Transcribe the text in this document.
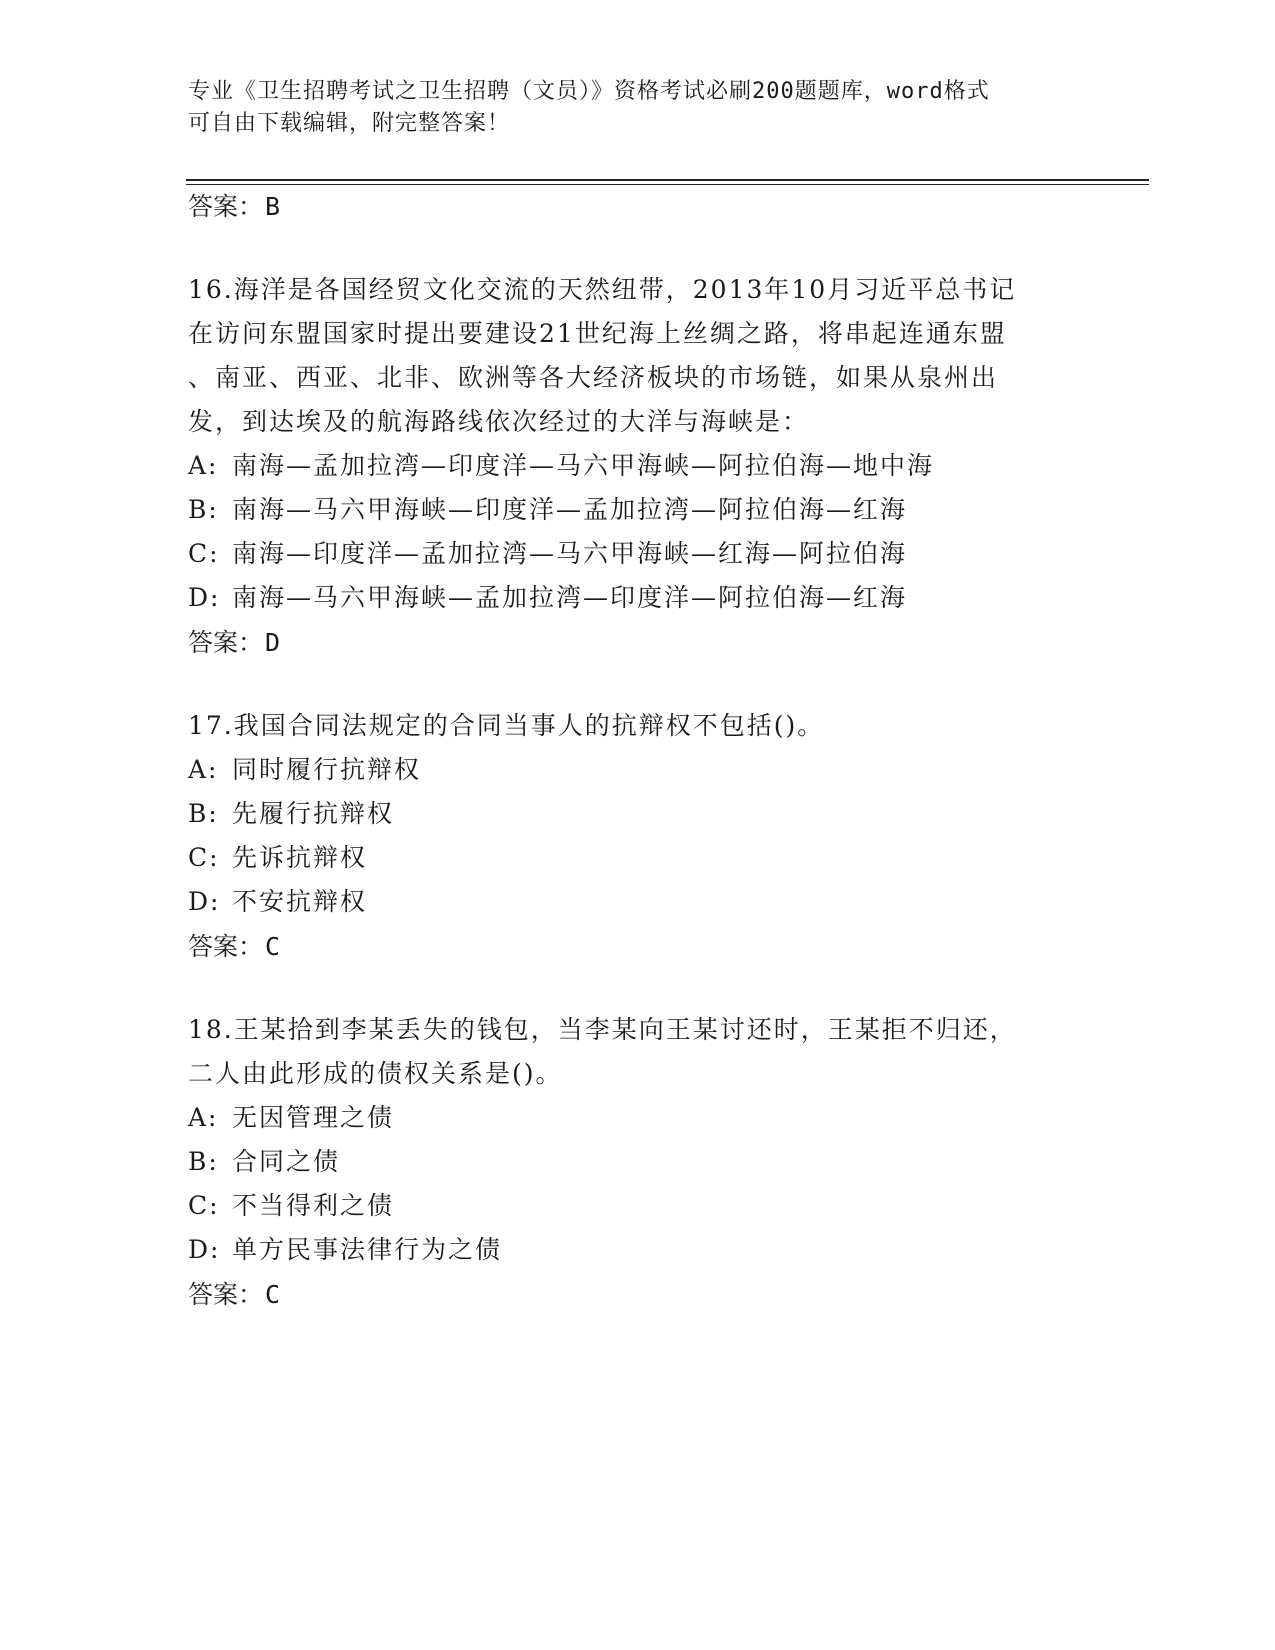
专业《卫生招聘考试之卫生招聘（文员）》资格考试必刷200题题库，word格式
可自由下载编辑，附完整答案！
答案：B
16.海洋是各国经贸文化交流的天然纽带，2013年10月习近平总书记
在访问东盟国家时提出要建设21世纪海上丝绸之路，将串起连通东盟
、南亚、西亚、北非、欧洲等各大经济板块的市场链，如果从泉州出
发，到达埃及的航海路线依次经过的大洋与海峡是：
A: 南海—孟加拉湾—印度洋—马六甲海峡—阿拉伯海—地中海
B: 南海—马六甲海峡—印度洋—孟加拉湾—阿拉伯海—红海
C: 南海—印度洋—孟加拉湾—马六甲海峡—红海—阿拉伯海
D: 南海—马六甲海峡—孟加拉湾—印度洋—阿拉伯海—红海
答案：D
17.我国合同法规定的合同当事人的抗辩权不包括()。
A: 同时履行抗辩权
B: 先履行抗辩权
C: 先诉抗辩权
D: 不安抗辩权
答案：C
18.王某拾到李某丢失的钱包，当李某向王某讨还时，王某拒不归还，
二人由此形成的债权关系是()。
A: 无因管理之债
B: 合同之债
C: 不当得利之债
D: 单方民事法律行为之债
答案：C
